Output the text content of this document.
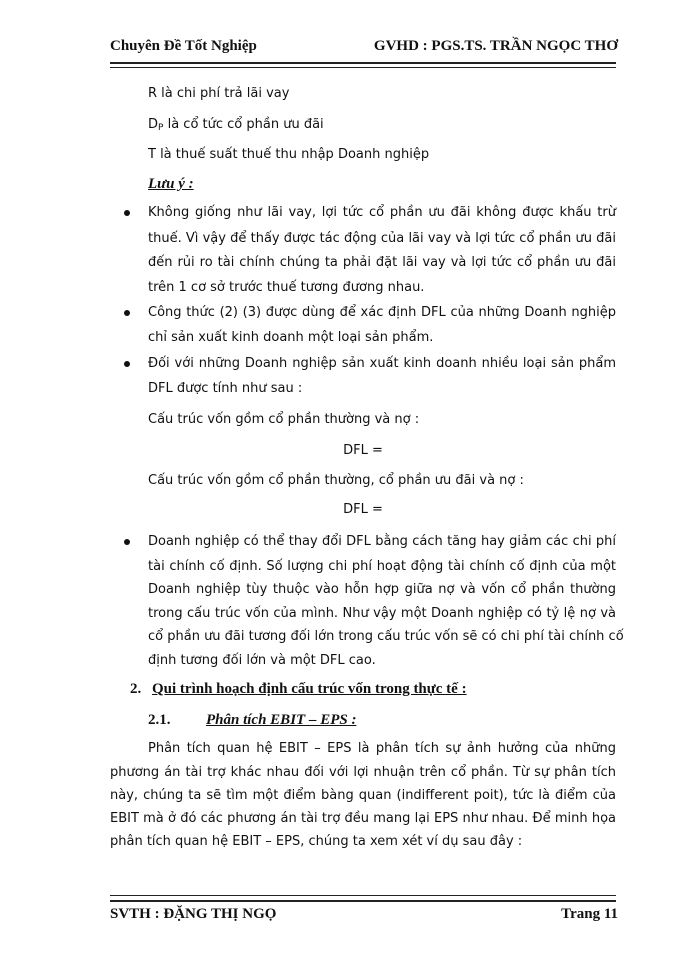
Chuyên Đề Tốt Nghiệp	GVHD : PGS.TS. TRẦN NGỌC THƠ
R là chi phí trả lãi vay
$D_P$ là cổ tức cổ phần ưu đãi
T là thuế suất thuế thu nhập Doanh nghiệp
Lưu ý :
Không giống như lãi vay, lợi tức cổ phần ưu đãi không được khấu trừ
thuế. Vì vậy để thấy được tác động của lãi vay và lợi tức cổ phần ưu đãi
đến rủi ro tài chính chúng ta phải đặt lãi vay và lợi tức cổ phần ưu đãi
trên 1 cơ sở trước thuế tương đương nhau.
Công thức (2) (3) được dùng để xác định DFL của những Doanh nghiệp
chỉ sản xuất kinh doanh một loại sản phẩm.
Đối với những Doanh nghiệp sản xuất kinh doanh nhiều loại sản phẩm
DFL được tính như sau :
Cấu trúc vốn gồm cổ phần thường và nợ :
DFL =
Cấu trúc vốn gồm cổ phần thường, cổ phần ưu đãi và nợ :
DFL =
Doanh nghiệp có thể thay đổi DFL bằng cách tăng hay giảm các chi phí
tài chính cố định. Số lượng chi phí hoạt động tài chính cố định của một
Doanh nghiệp tùy thuộc vào hỗn hợp giữa nợ và vốn cổ phần thường
trong cấu trúc vốn của mình. Như vậy một Doanh nghiệp có tỷ lệ nợ và
cổ phần ưu đãi tương đối lớn trong cấu trúc vốn sẽ có chi phí tài chính cố
định tương đối lớn và một DFL cao.
2. Qui trình hoạch định cấu trúc vốn trong thực tế :
2.1. Phân tích EBIT – EPS :
Phân tích quan hệ EBIT – EPS là phân tích sự ảnh hưởng của những
phương án tài trợ khác nhau đối với lợi nhuận trên cổ phần. Từ sự phân tích
này, chúng ta sẽ tìm một điểm bàng quan (indifferent poit), tức là điểm của
EBIT mà ở đó các phương án tài trợ đều mang lại EPS như nhau. Để minh họa
phân tích quan hệ EBIT – EPS, chúng ta xem xét ví dụ sau đây :
SVTH : ĐẶNG THỊ NGỌ	Trang 11
